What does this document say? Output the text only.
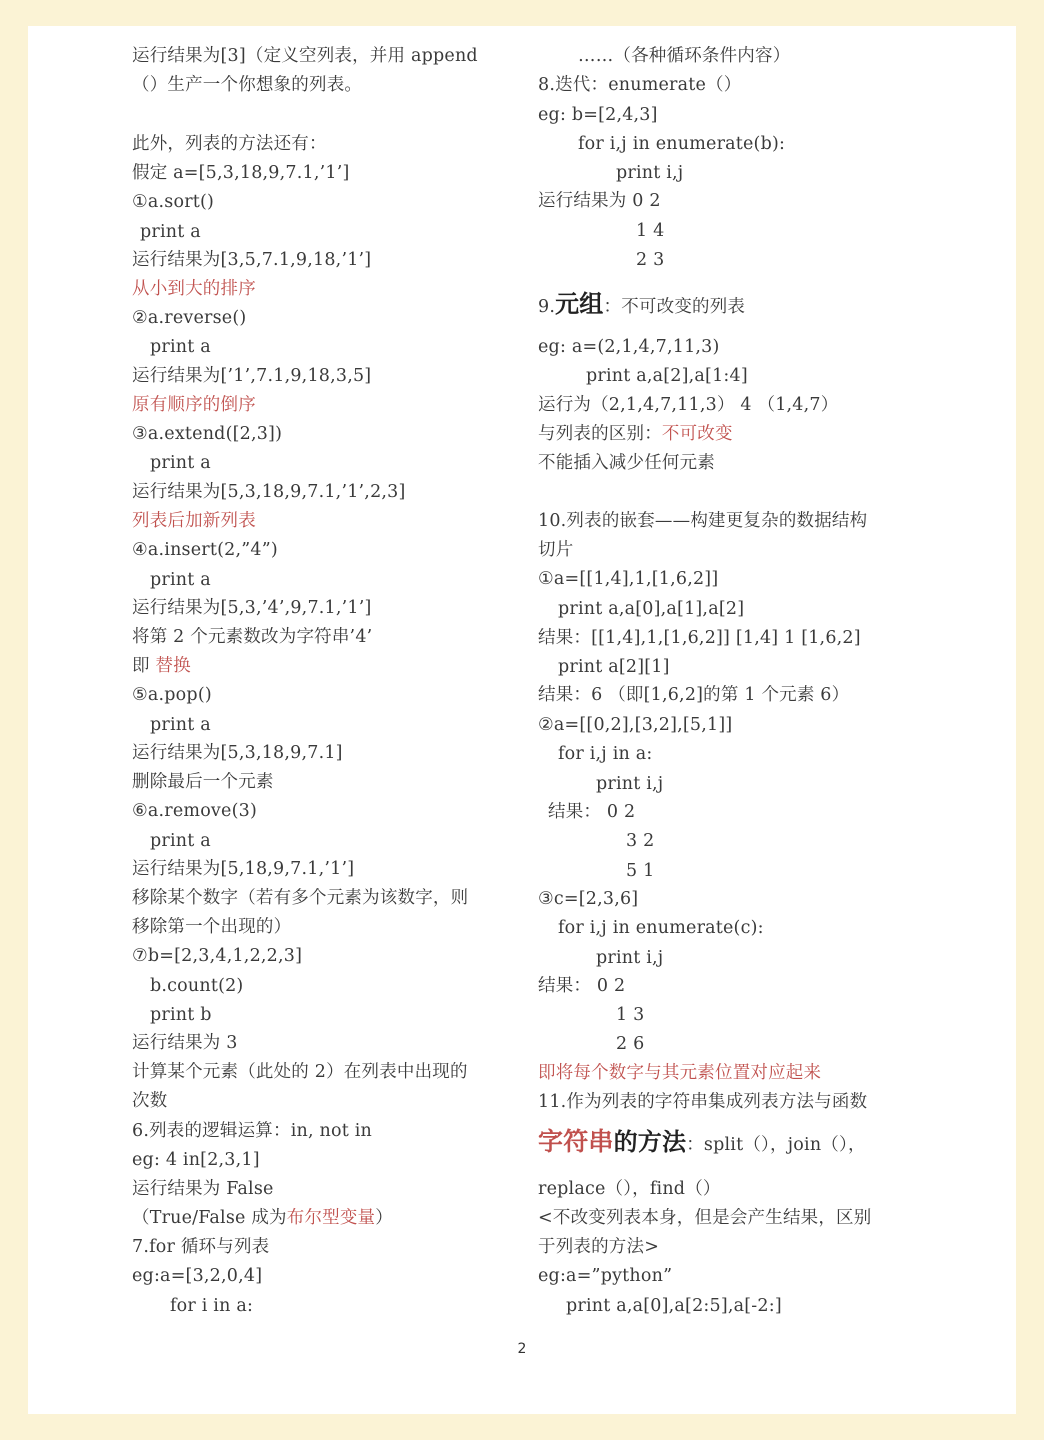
运行结果为[3]（定义空列表，并用 append
（）生产一个你想象的列表。
此外，列表的方法还有：
假定 a=[5,3,18,9,7.1,’1’]
①a.sort()
print a
运行结果为[3,5,7.1,9,18,’1’]
从小到大的排序
②a.reverse()
print a
运行结果为[’1’,7.1,9,18,3,5]
原有顺序的倒序
③a.extend([2,3])
print a
运行结果为[5,3,18,9,7.1,’1’,2,3]
列表后加新列表
④a.insert(2,”4”)
print a
运行结果为[5,3,’4’,9,7.1,’1’]
将第 2 个元素数改为字符串’4’
即 替换
⑤a.pop()
print a
运行结果为[5,3,18,9,7.1]
删除最后一个元素
⑥a.remove(3)
print a
运行结果为[5,18,9,7.1,’1’]
移除某个数字（若有多个元素为该数字，则
移除第一个出现的）
⑦b=[2,3,4,1,2,2,3]
b.count(2)
print b
运行结果为 3
计算某个元素（此处的 2）在列表中出现的
次数
6.列表的逻辑运算：in, not in
eg: 4 in[2,3,1]
运行结果为 False
（True/False 成为布尔型变量）
7.for 循环与列表
eg:a=[3,2,0,4]
for i in a:
……（各种循环条件内容）
8.迭代：enumerate（）
eg: b=[2,4,3]
for i,j in enumerate(b):
print i,j
运行结果为 0 2
1 4
2 3
9.元组：不可改变的列表
eg: a=(2,1,4,7,11,3)
print a,a[2],a[1:4]
运行为（2,1,4,7,11,3） 4 （1,4,7）
与列表的区别：不可改变
不能插入减少任何元素
10.列表的嵌套——构建更复杂的数据结构
切片
①a=[[1,4],1,[1,6,2]]
print a,a[0],a[1],a[2]
结果：[[1,4],1,[1,6,2]] [1,4] 1 [1,6,2]
print a[2][1]
结果：6 （即[1,6,2]的第 1 个元素 6）
②a=[[0,2],[3,2],[5,1]]
for i,j in a:
print i,j
结果： 0 2
3 2
5 1
③c=[2,3,6]
for i,j in enumerate(c):
print i,j
结果： 0 2
1 3
2 6
即将每个数字与其元素位置对应起来
11.作为列表的字符串集成列表方法与函数
字符串的方法：split（），join（），
replace（），find（）
<不改变列表本身，但是会产生结果，区别
于列表的方法>
eg:a=”python”
print a,a[0],a[2:5],a[-2:]
2
